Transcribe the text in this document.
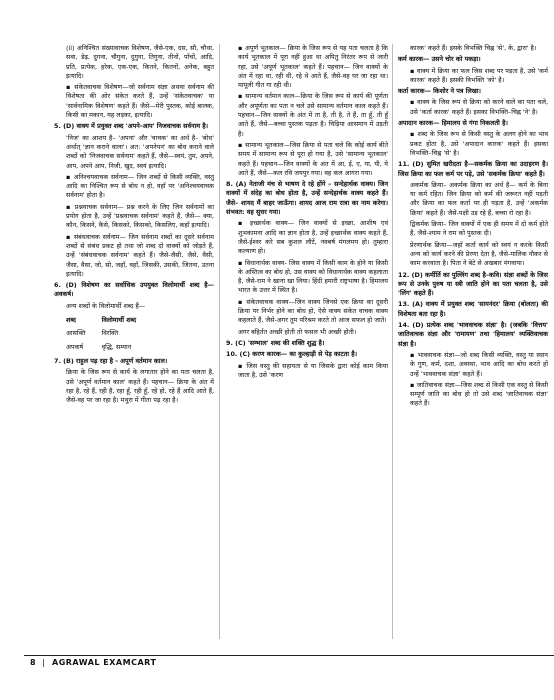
(ii) अनिश्चित संख्यावाचक विशेषण, जैसे-एक, दस, सौ, चौथा, सवा, डेढ़, दुगना, चौगुना, दुगुना, तिगुना, तीनों, पाँचों, आदि, प्रति, प्रत्येक, हरेक, एक-एक, कितने, कितनों, अनेक, बहुत इत्यादि।

▪ संकेतवाचक विशेषण—जो सर्वनाम संज्ञा अथवा सर्वनाम की विशेषता की ओर संकेत करते हैं, उन्हें 'संकेतवाचक' या 'सार्वनामिक विशेषण' कहते हैं। जैसे—मेरी पुस्तक, कोई बालक, किसी का मकान, यह लड़का, इत्यादि।

5. (D) वाक्य में प्रयुक्त शब्द 'अपने-आप' निजवाचक सर्वनाम है।

'निज' का आशय है– 'अपना' और 'वाचक' का अर्थ है– 'बोध' अर्थात् 'ज्ञान कराने वाला'। अत: 'अपनेपन' का बोध कराने वाले शब्दों को 'निजवाचक सर्वनाम' कहते हैं, जैसे—स्वयं, तुम, अपने, आप, अपने आप, निजी, खुद, स्वयं इत्यादि।

▪ अनिश्चयवाचक सर्वनाम— जिन शब्दों से किसी व्यक्ति, वस्तु आदि का निश्चित रूप से बोध न हो, वहाँ पर 'अनिश्चयवाचक सर्वनाम' होता है।

▪ प्रश्नवाचक सर्वनाम— प्रश्न करने के लिए जिन सर्वनामों का प्रयोग होता है, उन्हें 'प्रश्नवाचक सर्वनाम' कहते हैं, जैसे— क्या, कौन, किसने, कैसे, किसको, किसको, किसलिए, कहाँ इत्यादि।

▪ संबंधवाचक सर्वनाम— जिन सर्वनाम शब्दों का दूसरे सर्वनाम शब्दों से संबंध प्रकट हो तथा जो शब्द दो वाक्यों को जोड़ते हैं, उन्हें 'संबंधवाचक सर्वनाम' कहते हैं। जैसे-जैसी, जैसे, वैसी, जैसा, वैसा, जो, सो, जहाँ, वहाँ, जिसकी, उसकी, जितना, उतना इत्यादि।

6. (D) विशेषण का सर्वाधिक उपयुक्त विलोमार्थी शब्द है— अवकर्ष।

अन्य शब्दों के विलोमार्थी शब्द हैं—

शब्द	विलोमार्थी शब्द
आसक्ति	विरक्ति
अपकर्ष	वृद्धि, सम्मान

7. (B) राहुल पढ़ रहा है - अपूर्ण वर्तमान काल।

क्रिया के जिस रूप से कार्य के लगातार होने का पता चलता है, उसे 'अपूर्ण वर्तमान काल' कहते हैं। पहचान— क्रिया के अंत में रहा है, रहे हैं, रही है, रहा हूँ, रही हूँ, रहे हो, रहे हैं आदि आते हैं, जैसे-वह पर जा रहा है। मथुरा में गीता पढ़ रहा है।

▪ अपूर्ण भूतकाल— क्रिया के जिस रूप से यह पता चलता है कि कार्य भूतकाल में पूरा नहीं हुआ था अपितु निरंतर रूप से जारी रहा, उसे 'अपूर्ण भूतकाल' कहते हैं। पहचान— जिन वाक्यों के अंत में रहा था, रही थी, रहे थे आते हैं, जैसे-वह घर जा रहा था। मामूली गीत गा रही थी।

▪ सामान्य वर्तमान काल—क्रिया के जिस रूप से कार्य की पूर्णता और अपूर्णता का पता न चले उसे सामान्य वर्तमान काल कहते हैं। पहचान—जिन वाक्यों के अंत में ता है, ती है, ते हैं, ता हूँ, ती हूँ आते हैं, जैसे—बच्चा पुस्तक पढ़ता है। चिड़िया आसमान में उड़ती है।

▪ सामान्य भूतकाल—जिस क्रिया से पता चले कि कोई कार्य बीते समय में सामान्य रूप से पूरा हो गया है, उसे 'सामान्य भूतकाल' कहते हैं। पहचान—जिन वाक्यों के अंत में आ, ई, ए, या, यी, ये आते हैं, जैसे—कल रवि जयपुर गया। वह कल आगरा गया।

8. (A) नेताजी मंच से भाषण दे रहे होंगे – सन्देहार्थक वाक्य। जिन वाक्यों में संदेह का बोध होता है, उन्हें सन्देहार्थक वाक्य कहते हैं। जैसे– शायद मैं बाहर जाऊँगा। शायद आज राम रात्रा का नाम करेगा। संभवत: वह सुधर गया।

▪ इच्छार्थक वाक्य— जिन वाक्यों से इच्छा, आशीष एवं शुभकामना आदि का ज्ञान होता है, उन्हें इच्छार्थक वाक्य कहते हैं, जैसे-ईश्वर करे सब कुशल लौटें, नवबर्ष मंगलमय हो। तुम्हारा कल्याण हो।

▪ विधानार्थक वाक्य- जिस वाक्य में किसी काम के होने या किसी के अस्तित्व का बोध हो, उस वाक्य को विधानार्थक वाक्य कहलाता है, जैसे-राम ने खाना खा लिया। हिंदी हमारी राष्ट्रभाषा है। हिमालय भारत के उत्तर में स्थित है।

▪ संकेतवाचक वाक्य—जिन वाक्य जिनसे एक क्रिया का दूसरी क्रिया पर निर्भर होने का बोध हो, ऐसे वाक्य संकेत वाचक वाक्य कहलाते हैं, जैसे-अगर तुम परिश्रम करते तो आज सफल हो जाते।

अगर बहिर्तत अच्छी होती तो फसल भी अच्छी होती।

9. (C) 'सम्भाल' शब्द की शक्ति शुद्ध है।

10. (C) करण कारक— का कुल्हाड़ी से पेड़ काटता है।

▪ जिस वस्तु की सहायता से या जिसके द्वारा कोई काम किया जाता है, उसे 'करण

कारक' कहते हैं। इसके विभक्ति चिह्न 'से', के, द्वारा' है।

कर्म कारक— उसने चोर को पकड़ा।

▪ वाक्य में क्रिया का फल जिस शब्द पर पड़ता है, उसे 'कर्म कारक' कहते हैं। इसकी विभक्ति 'को' है।

कर्ता कारक— किशोर ने पत्र लिखा।

▪ वाक्य के जिस रूप से क्रिया को करने वाले का पता चले, उसे 'कर्ता कारक' कहते हैं। इसका विभक्ति–चिह्न 'ने' है।

अपादान कारक— हिमालय से गंगा निकलती है।

▪ शब्द के जिस रूप से किसी वस्तु के अलग होने का भाव प्रकट होता है, उसे 'अपादान कारक' कहते हैं। इसका विभक्ति–चिह्न 'से' है।

11. (D) सुमित खरीदता है—सकर्मक क्रिया का उदाहरण है। जिस क्रिया का फल कर्म पर पड़े, उसे 'सकर्मक क्रिया' कहते हैं।

अकर्मक क्रिया– अकर्मक क्रिया का अर्थ है— कर्म के बिना या कर्म रहित। जिन क्रिया को कर्म की जरूरत नहीं पड़ती और क्रिया का फल कर्ता पर ही पड़ता है, उन्हें 'अकर्मक क्रिया' कहते हैं। जैसे-पक्षी उड़ रहे हैं, बच्चा रो रहा है।

द्विकर्मक क्रिया– जिन वाक्यों में एक ही समय में दो कर्म होते हैं, जैसे-श्याम ने राम को पुस्तक दी।

प्रेरणार्थक क्रिया—जहाँ कर्ता कार्य को स्वयं न करके किसी अन्य को कार्य करने की प्रेरणा देता है, जैसे-मालिक नौकर से काम करवाता है। पिता ने बेटे से अखबार मंगवाया।

12. (D) कर्मीर्ति का पुल्लिंग शब्द है–कवि। संज्ञा शब्दों के जिस रूप से उनके पुरुष या स्त्री जाति होने का पता चलता है, उसे 'लिंग' कहते हैं।

13. (A) वाक्य में प्रयुक्त शब्द 'सायनंदर' क्रिया (बोलता) की विशेषता बता रहा है।

14. (D) प्रत्येक शब्द 'भाववाचक संज्ञा' है। (जबकि 'वित्तय' जातिवाचक संज्ञा और 'रामायण' तथा 'हिमालय' व्यक्तिवाचक संज्ञा है।

▪ भाववाचक संज्ञा—जो शब्द किसी व्यक्ति, वस्तु या स्थान के गुण, कर्म, दशा, अवस्था, भाव आदि का बोध करते हों उन्हें 'भाववाचक संज्ञा' कहते हैं।

▪ जातिवाचक संज्ञा—जिस शब्द से किसी एक वस्तु से किसी सम्पूर्ण जाति का बोध हो तो उसे शब्द 'जातिवाचक संज्ञा' कहते हैं।

8 | AGRAWAL EXAMCART
